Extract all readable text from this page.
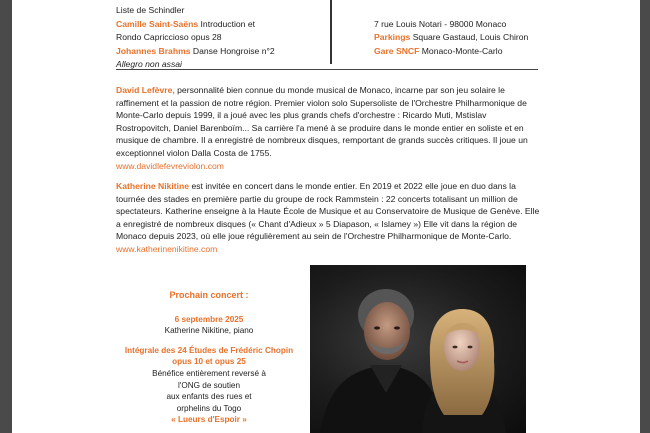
Liste de Schindler
Camille Saint-Saëns Introduction et
Rondo Capriccioso opus 28
Johannes Brahms Danse Hongroise n°2
Allegro non assai
7 rue Louis Notari - 98000 Monaco
Parkings Square Gastaud, Louis Chiron
Gare SNCF Monaco-Monte-Carlo
David Lefèvre, personnalité bien connue du monde musical de Monaco, incarne par son jeu solaire le raffinement et la passion de notre région. Premier violon solo Supersoliste de l'Orchestre Philharmonique de Monte-Carlo depuis 1999, il a joué avec les plus grands chefs d'orchestre : Ricardo Muti, Mstislav Rostropovitch, Daniel Barenboïm... Sa carrière l'a mené à se produire dans le monde entier en soliste et en musique de chambre. Il a enregistré de nombreux disques, remportant de grands succès critiques. Il joue un exceptionnel violon Dalla Costa de 1755.
www.davidlefevreviolon.com
Katherine Nikitine est invitée en concert dans le monde entier. En 2019 et 2022 elle joue en duo dans la tournée des stades en première partie du groupe de rock Rammstein : 22 concerts totalisant un million de spectateurs. Katherine enseigne à la Haute École de Musique et au Conservatoire de Musique de Genève. Elle a enregistré de nombreux disques (« Chant d'Adieux » 5 Diapason, « Islamey ») Elle vit dans la région de Monaco depuis 2023, où elle joue régulièrement au sein de l'Orchestre Philharmonique de Monte-Carlo. www.katherinenikitine.com
Prochain concert :
6 septembre 2025
Katherine Nikitine, piano
Intégrale des 24 Études de Frédéric Chopin
opus 10 et opus 25
Bénéfice entièrement reversé à
l'ONG de soutien
aux enfants des rues et
orphelins du Togo
« Lueurs d'Espoir »
